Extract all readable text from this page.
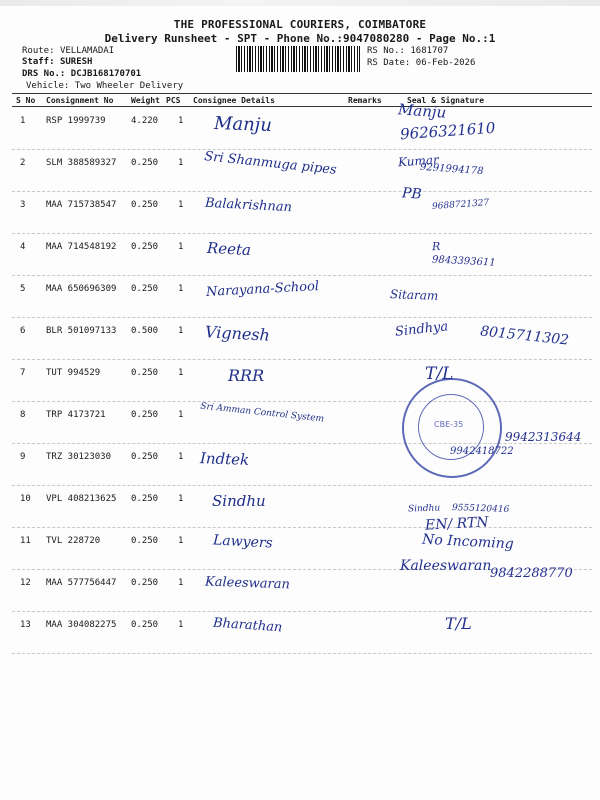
THE PROFESSIONAL COURIERS, COIMBATORE
Delivery Runsheet - SPT - Phone No.:9047080280 - Page No.:1
Route: VELLAMADAI
Staff: SURESH
DRS No.: DCJB168170701
Vehicle: Two Wheeler Delivery
RS No.: 1681707
RS Date: 06-Feb-2026
S No Consignment No Weight PCS Consignee Details	Remarks	Seal & Signature
1 RSP 1999739	4.220 1 Manju
Manju
9626321610
2 SLM 388589327 0.250 1 Sri Shanmuga pipes	Kumar
9291994178
3 MAA 715738547 0.250 1 Balakrishnan
PB
9688721327
4 MAA 714548192 0.250 1 Reeta	R
9843393611
5 MAA 650696309 0.250 1 Narayana-School	Sitaram
6 BLR 501097133 0.500 1 Vignesh	Sindhya 8015711302
7 TUT 994529	0.250 1	RRR	T/L
8 TRP 4173721	0.250 1 Sri Amman Control System
9 TRZ 30123030 0.250 1 Indtek
9942313644
9942418722
10 VPL 408213625 0.250 1 Sindhu	Sindhu 9555120416
11 TVL 228720	0.250 1 Lawyers
EN/ RTN
No Incoming
12 MAA 577756447 0.250 1 Kaleeswaran
Kaleeswaran
9842288770
13 MAA 304082275 0.250 1 Bharathan	T/L
CBE-35
